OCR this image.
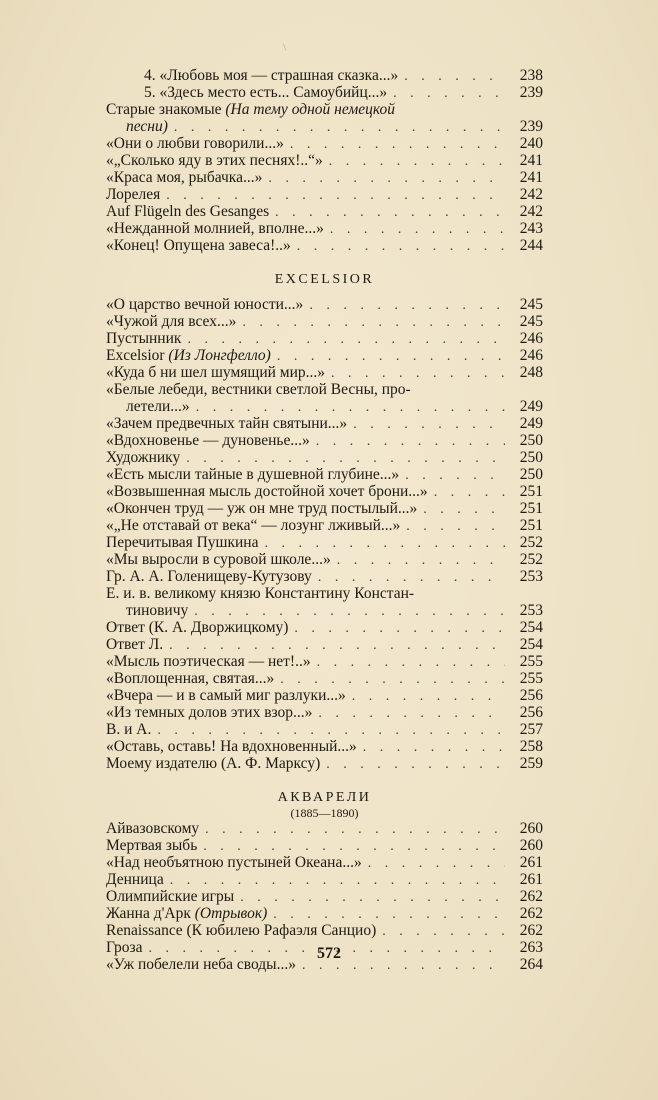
\
4. «Любовь моя — страшная сказка...» . . .	238
5. «Здесь место есть... Самоубийц...» . . .	239
Старые знакомые (На тему одной немецкой
песни) . . .	239
«Они о любви говорили...» . . .	240
«„Сколько яду в этих песнях!..“» . . .	241
«Краса моя, рыбачка...» . . .	241
Лорелея . . .	242
Auf Flügeln des Gesanges . . .	242
«Нежданной молнией, вполне...» . . .	243
«Конец! Опущена завеса!..» . . .	244
EXCELSIOR
«О царство вечной юности...» . . .	245
«Чужой для всех...» . . .	245
Пустынник . . .	246
Excelsior (Из Лонгфелло) . . .	246
«Куда б ни шел шумящий мир...» . . .	248
«Белые лебеди, вестники светлой Весны, про-
летели...» . . .	249
«Зачем предвечных тайн святыни...» . . .	249
«Вдохновенье — дуновенье...» . . .	250
Художнику . . .	250
«Есть мысли тайные в душевной глубине...» . . .	250
«Возвышенная мысль достойной хочет брони...» . . .	251
«Окончен труд — уж он мне труд постылый...» . . .	251
«„Не отставай от века“ — лозунг лживый...» . . .	251
Перечитывая Пушкина . . .	252
«Мы выросли в суровой школе...» . . .	252
Гр. А. А. Голенищеву-Кутузову . . .	253
Е. и. в. великому князю Константину Констан-
тиновичу . . .	253
Ответ (К. А. Дворжицкому) . . .	254
Ответ Л. . . .	254
«Мысль поэтическая — нет!..» . . .	255
«Воплощенная, святая...» . . .	255
«Вчера — и в самый миг разлуки...» . . .	256
«Из темных долов этих взор...» . . .	256
В. и А. . . .	257
«Оставь, оставь! На вдохновенный...» . . .	258
Моему издателю (А. Ф. Марксу) . . .	259
АКВАРЕЛИ
(1885—1890)
Айвазовскому . . .	260
Мертвая зыбь . . .	260
«Над необъятною пустыней Океана...» . . .	261
Денница . . .	261
Олимпийские игры . . .	262
Жанна д'Арк (Отрывок) . . .	262
Renaissance (К юбилею Рафаэля Санцио) . . .	262
Гроза . . .	263
«Уж побелели неба своды...» . . .	264
572
